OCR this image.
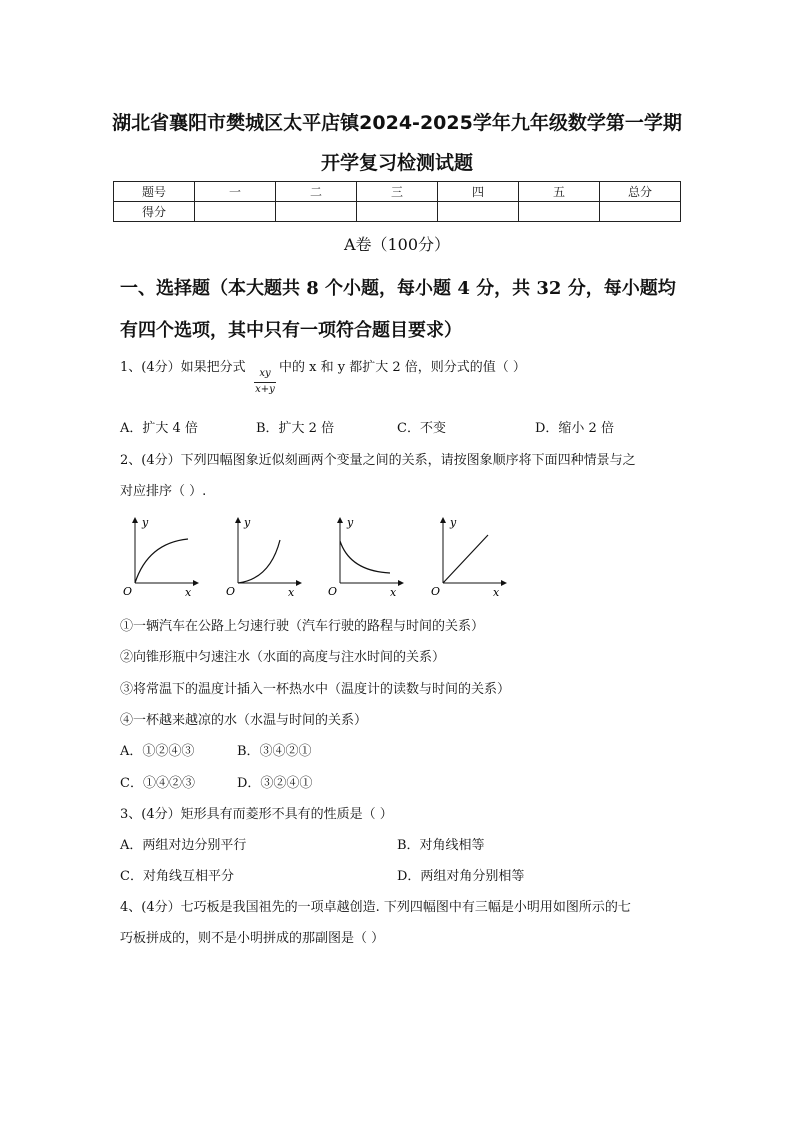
湖北省襄阳市樊城区太平店镇2024-2025学年九年级数学第一学期
开学复习检测试题
题号	一	二	三	四	五	总分
得分						
A卷（100分）
一、选择题（本大题共 8 个小题，每小题 4 分，共 32 分，每小题均
有四个选项，其中只有一项符合题目要求）
1、(4分）如果把分式	xy
x+y
中的 x 和 y 都扩大 2 倍，则分式的值（ ）
A．扩大 4 倍	B．扩大 2 倍	C．不变	D．缩小 2 倍
2、(4分）下列四幅图象近似刻画两个变量之间的关系，请按图象顺序将下面四种情景与之
对应排序（ ）.
y
x
O
y
x
O
y
x
O
y
x
O
①一辆汽车在公路上匀速行驶（汽车行驶的路程与时间的关系）
②向锥形瓶中匀速注水（水面的高度与注水时间的关系）
③将常温下的温度计插入一杯热水中（温度计的读数与时间的关系）
④一杯越来越凉的水（水温与时间的关系）
A．①②④③	B．③④②①
C．①④②③	D．③②④①
3、(4分）矩形具有而菱形不具有的性质是（ ）
A．两组对边分别平行	B．对角线相等
C．对角线互相平分	D．两组对角分别相等
4、(4分）七巧板是我国祖先的一项卓越创造. 下列四幅图中有三幅是小明用如图所示的七
巧板拼成的，则不是小明拼成的那副图是（ ）
